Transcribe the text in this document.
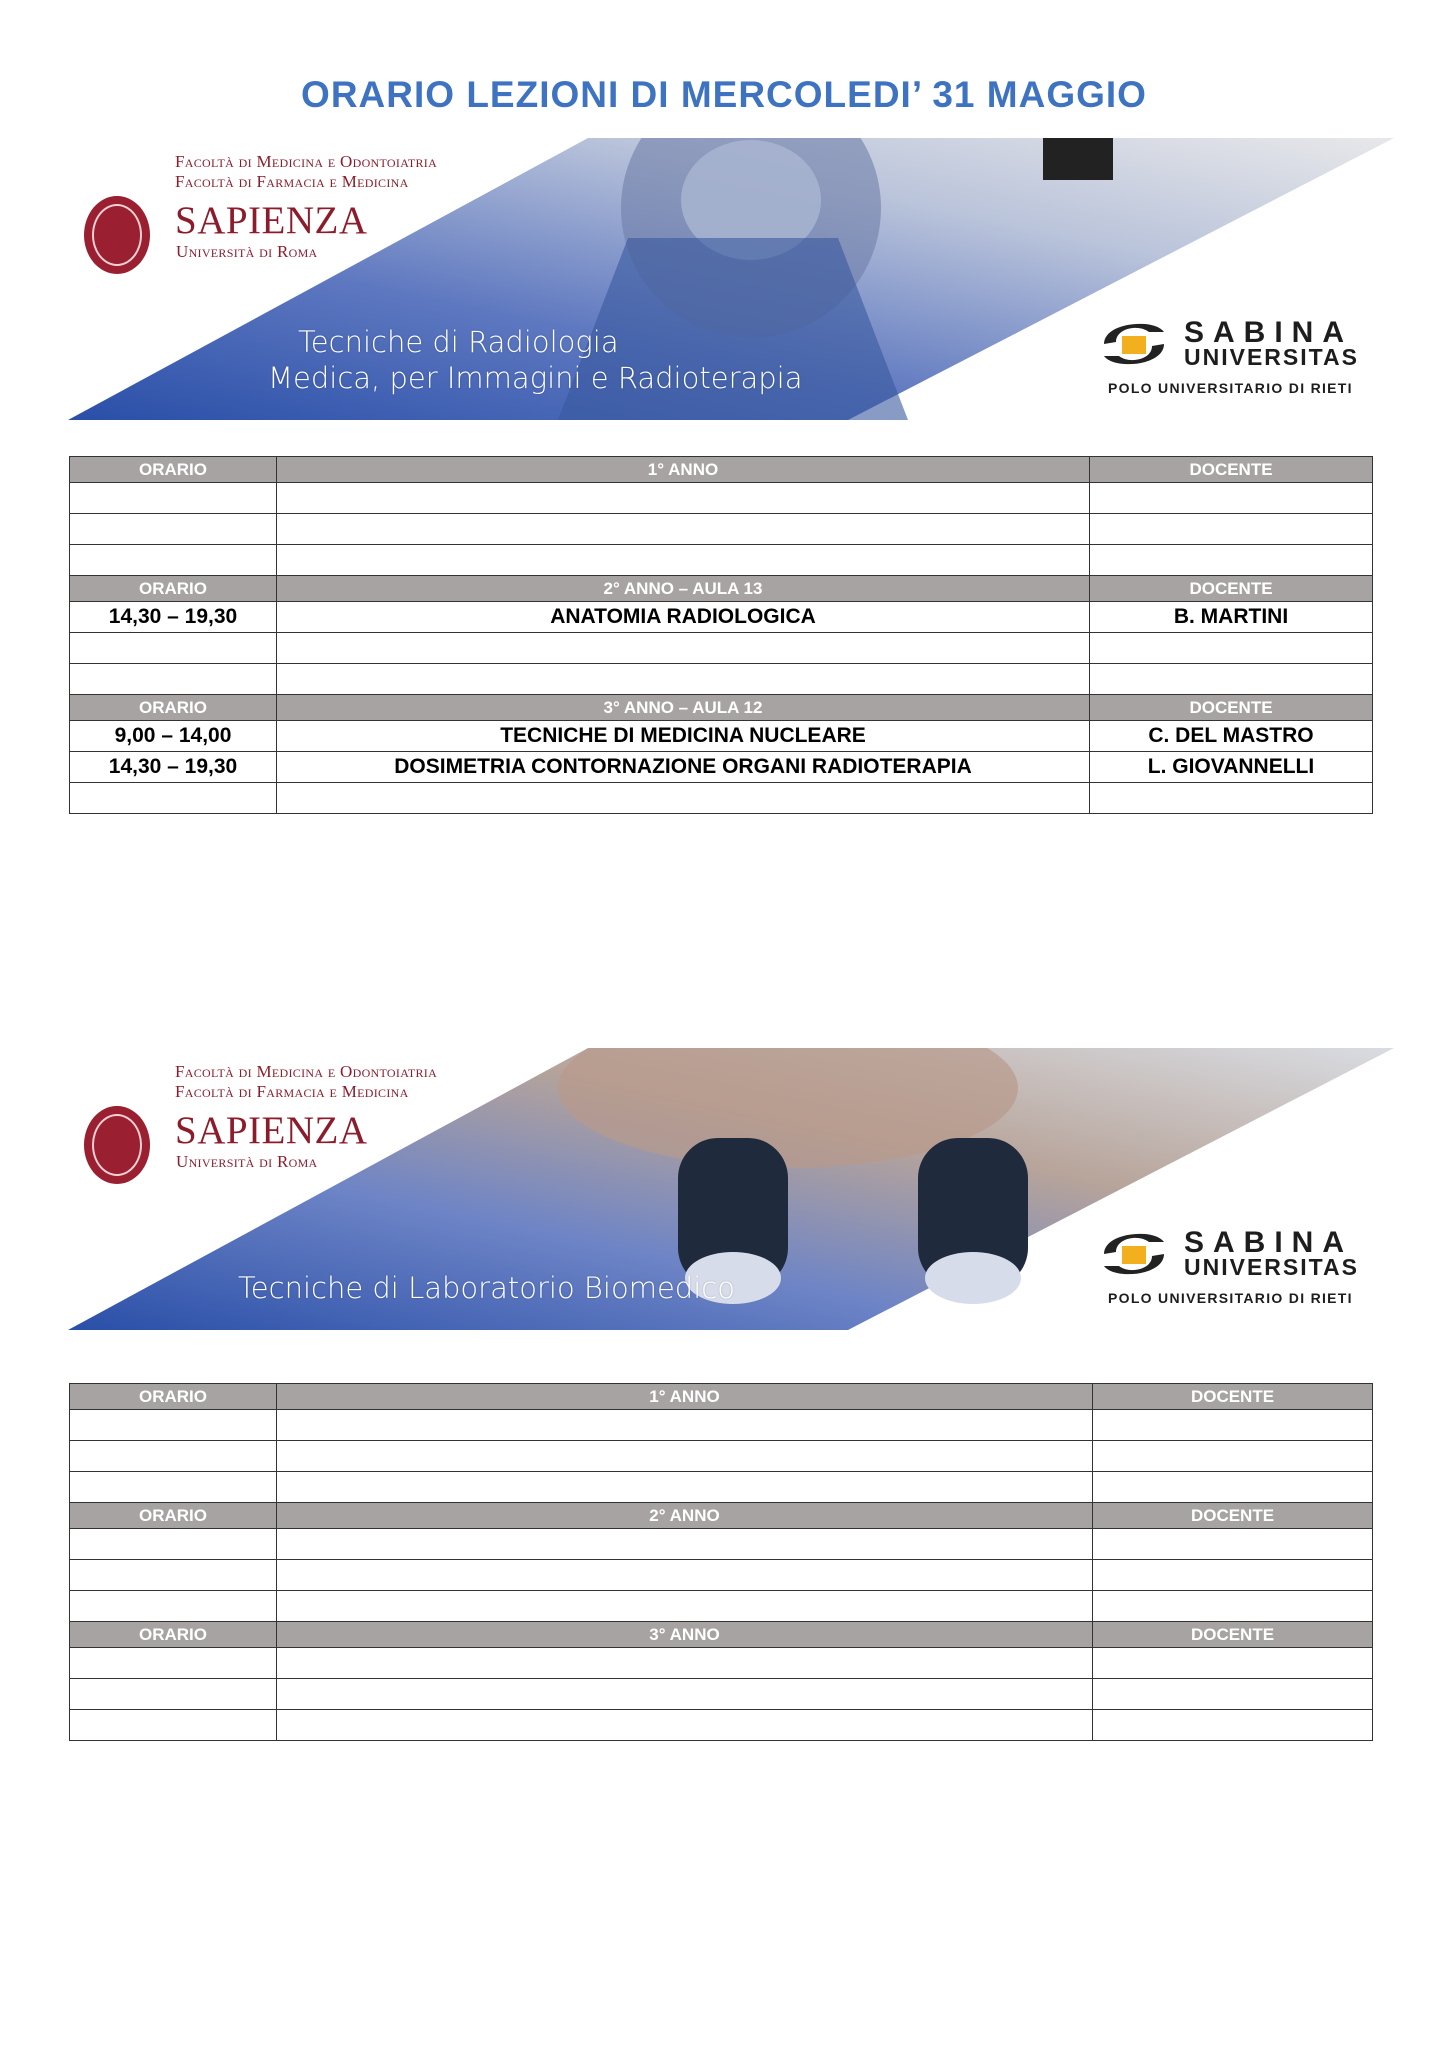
ORARIO LEZIONI DI MERCOLEDI’ 31 MAGGIO
Facoltà di Medicina e Odontoiatria
Facoltà di Farmacia e Medicina
SAPIENZA
Università di Roma
Tecniche di Radiologia
Medica, per Immagini e Radioterapia
SABINA
UNIVERSITAS
POLO UNIVERSITARIO DI RIETI
ORARIO	1° ANNO	DOCENTE

ORARIO	2° ANNO – AULA 13	DOCENTE
14,30 – 19,30	ANATOMIA RADIOLOGICA	B. MARTINI

ORARIO	3° ANNO – AULA 12	DOCENTE
9,00 – 14,00	TECNICHE DI MEDICINA NUCLEARE	C. DEL MASTRO
14,30 – 19,30	DOSIMETRIA CONTORNAZIONE ORGANI RADIOTERAPIA	L. GIOVANNELLI

Facoltà di Medicina e Odontoiatria
Facoltà di Farmacia e Medicina
SAPIENZA
Università di Roma
Tecniche di Laboratorio Biomedico
SABINA
UNIVERSITAS
POLO UNIVERSITARIO DI RIETI
ORARIO	1° ANNO	DOCENTE

ORARIO	2° ANNO	DOCENTE

ORARIO	3° ANNO	DOCENTE
